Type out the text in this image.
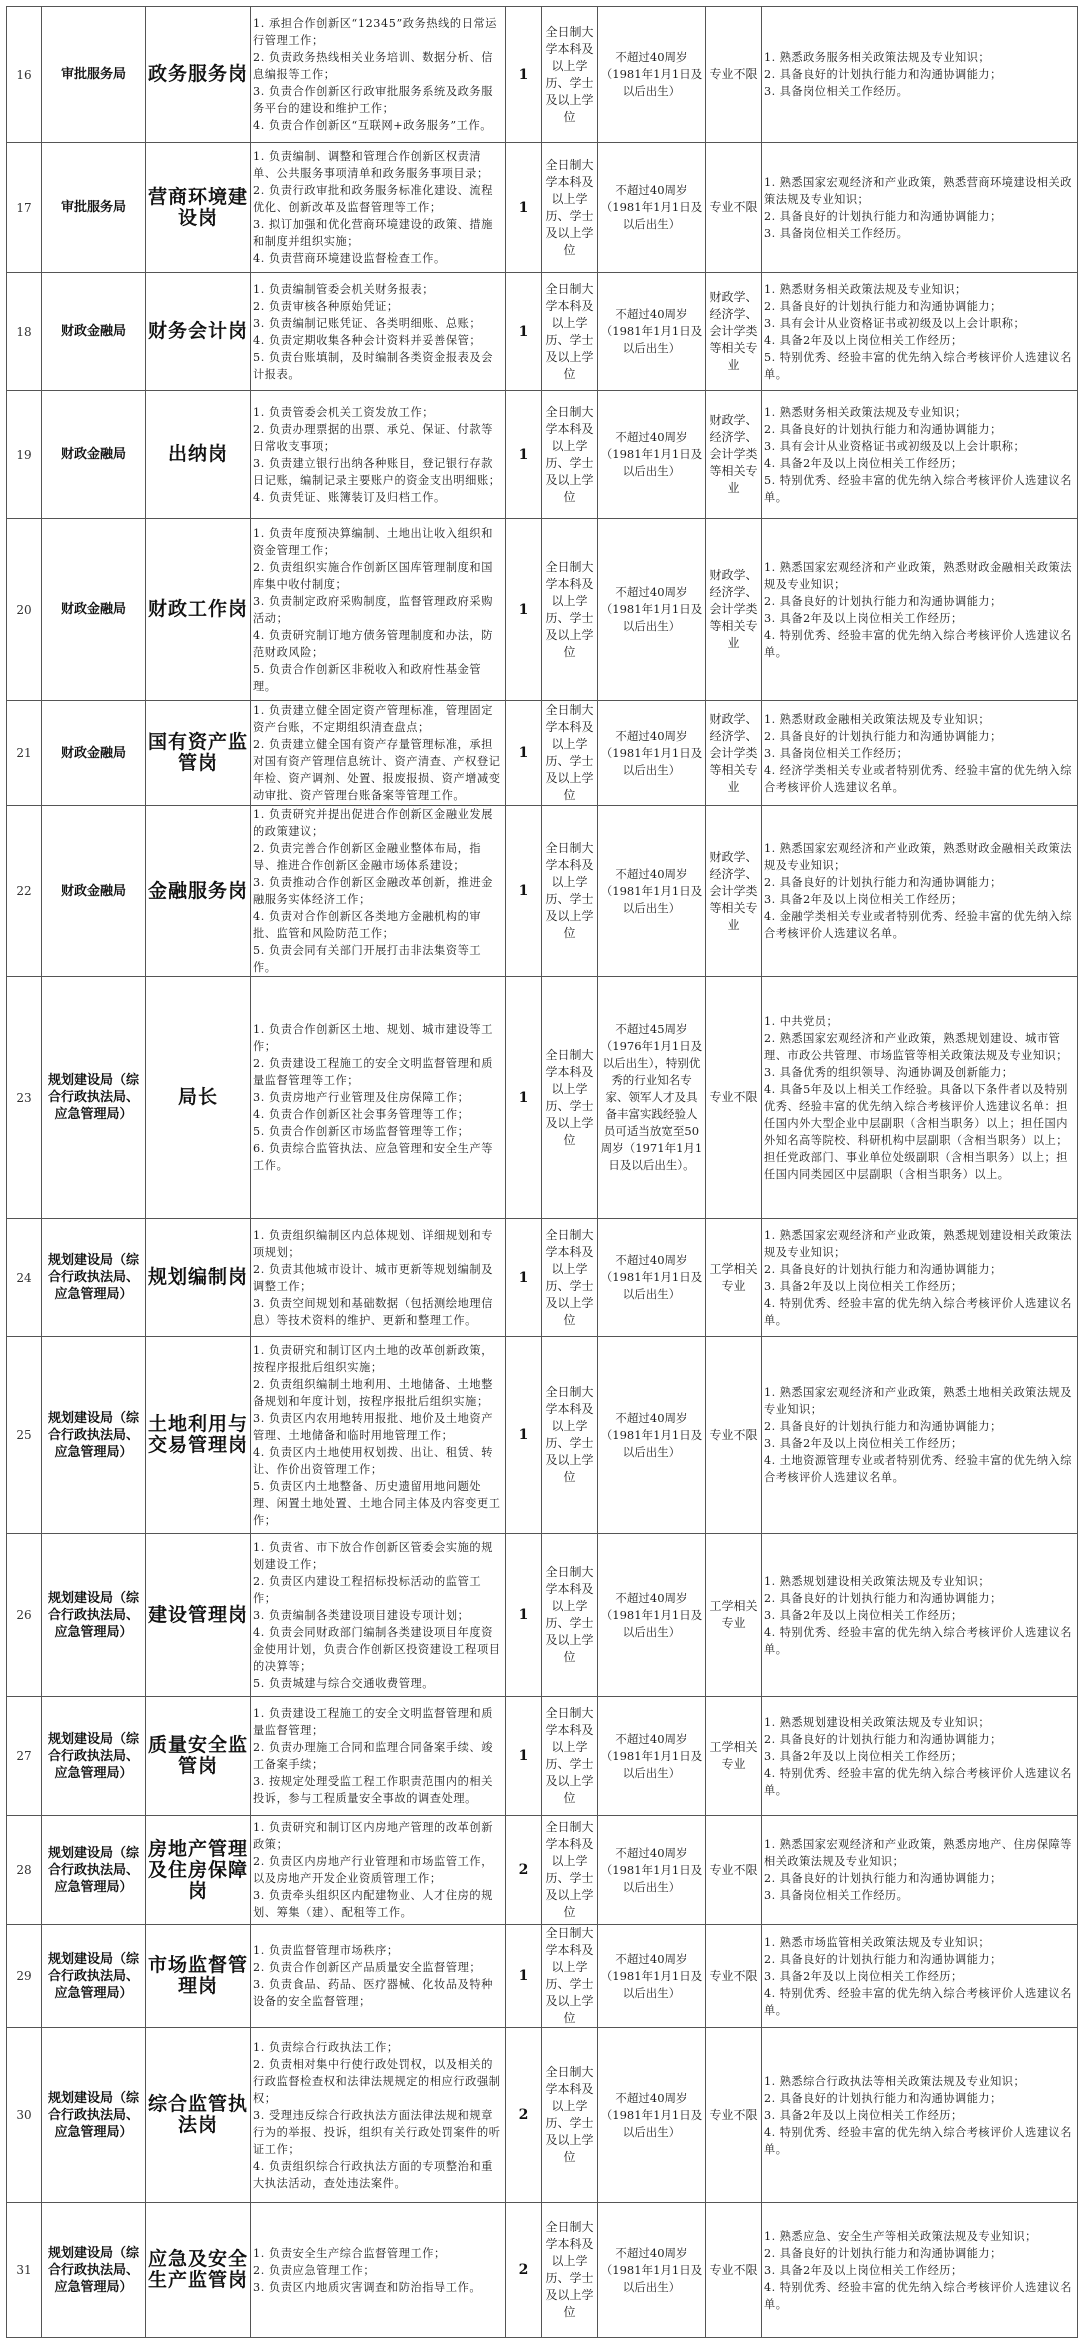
16	审批服务局	政务服务岗	1. 承担合作创新区“12345”政务热线的日常运行管理工作；
2. 负责政务热线相关业务培训、数据分析、信息编报等工作；
3. 负责合作创新区行政审批服务系统及政务服务平台的建设和维护工作；
4. 负责合作创新区“互联网+政务服务”工作。	1	全日制大学本科及以上学历、学士及以上学位	不超过40周岁（1981年1月1日及以后出生）	专业不限	1. 熟悉政务服务相关政策法规及专业知识；
2. 具备良好的计划执行能力和沟通协调能力；
3. 具备岗位相关工作经历。

17	审批服务局	营商环境建设岗	1. 负责编制、调整和管理合作创新区权责清单、公共服务事项清单和政务服务事项目录；
2. 负责行政审批和政务服务标准化建设、流程优化、创新改革及监督管理等工作；
3. 拟订加强和优化营商环境建设的政策、措施和制度并组织实施；
4. 负责营商环境建设监督检查工作。	1	全日制大学本科及以上学历、学士及以上学位	不超过40周岁（1981年1月1日及以后出生）	专业不限	1. 熟悉国家宏观经济和产业政策，熟悉营商环境建设相关政策法规及专业知识；
2. 具备良好的计划执行能力和沟通协调能力；
3. 具备岗位相关工作经历。

18	财政金融局	财务会计岗	1. 负责编制管委会机关财务报表；
2. 负责审核各种原始凭证；
3. 负责编制记账凭证、各类明细账、总账；
4. 负责定期收集各种会计资料并妥善保管；
5. 负责台账填制，及时编制各类资金报表及会计报表。	1	全日制大学本科及以上学历、学士及以上学位	不超过40周岁（1981年1月1日及以后出生）	财政学、经济学、会计学类等相关专业	1. 熟悉财务相关政策法规及专业知识；
2. 具备良好的计划执行能力和沟通协调能力；
3. 具有会计从业资格证书或初级及以上会计职称；
4. 具备2年及以上岗位相关工作经历；
5. 特别优秀、经验丰富的优先纳入综合考核评价人选建议名单。

19	财政金融局	出纳岗	1. 负责管委会机关工资发放工作；
2. 负责办理票据的出票、承兑、保证、付款等日常收支事项；
3. 负责建立银行出纳各种账目，登记银行存款日记账，编制记录主要账户的资金支出明细账；
4. 负责凭证、账簿装订及归档工作。	1	全日制大学本科及以上学历、学士及以上学位	不超过40周岁（1981年1月1日及以后出生）	财政学、经济学、会计学类等相关专业	1. 熟悉财务相关政策法规及专业知识；
2. 具备良好的计划执行能力和沟通协调能力；
3. 具有会计从业资格证书或初级及以上会计职称；
4. 具备2年及以上岗位相关工作经历；
5. 特别优秀、经验丰富的优先纳入综合考核评价人选建议名单。

20	财政金融局	财政工作岗	1. 负责年度预决算编制、土地出让收入组织和资金管理工作；
2. 负责组织实施合作创新区国库管理制度和国库集中收付制度；
3. 负责制定政府采购制度，监督管理政府采购活动；
4. 负责研究制订地方债务管理制度和办法，防范财政风险；
5. 负责合作创新区非税收入和政府性基金管理。	1	全日制大学本科及以上学历、学士及以上学位	不超过40周岁（1981年1月1日及以后出生）	财政学、经济学、会计学类等相关专业	1. 熟悉国家宏观经济和产业政策，熟悉财政金融相关政策法规及专业知识；
2. 具备良好的计划执行能力和沟通协调能力；
3. 具备2年及以上岗位相关工作经历；
4. 特别优秀、经验丰富的优先纳入综合考核评价人选建议名单。

21	财政金融局	国有资产监管岗	1. 负责建立健全固定资产管理标准，管理固定资产台账，不定期组织清查盘点；
2. 负责建立健全国有资产存量管理标准，承担对国有资产管理信息统计、资产清查、产权登记年检、资产调剂、处置、报废报损、资产增减变动审批、资产管理台账备案等管理工作。	1	全日制大学本科及以上学历、学士及以上学位	不超过40周岁（1981年1月1日及以后出生）	财政学、经济学、会计学类等相关专业	1. 熟悉财政金融相关政策法规及专业知识；
2. 具备良好的计划执行能力和沟通协调能力；
3. 具备岗位相关工作经历；
4. 经济学类相关专业或者特别优秀、经验丰富的优先纳入综合考核评价人选建议名单。

22	财政金融局	金融服务岗	1. 负责研究并提出促进合作创新区金融业发展的政策建议；
2. 负责完善合作创新区金融业整体布局，指导、推进合作创新区金融市场体系建设；
3. 负责推动合作创新区金融改革创新，推进金融服务实体经济工作；
4. 负责对合作创新区各类地方金融机构的审批、监管和风险防范工作；
5. 负责会同有关部门开展打击非法集资等工作。	1	全日制大学本科及以上学历、学士及以上学位	不超过40周岁（1981年1月1日及以后出生）	财政学、经济学、会计学类等相关专业	1. 熟悉国家宏观经济和产业政策，熟悉财政金融相关政策法规及专业知识；
2. 具备良好的计划执行能力和沟通协调能力；
3. 具备2年及以上岗位相关工作经历；
4. 金融学类相关专业或者特别优秀、经验丰富的优先纳入综合考核评价人选建议名单。

23	规划建设局（综合行政执法局、应急管理局）	局长	
1. 负责合作创新区土地、规划、城市建设等工作；
2. 负责建设工程施工的安全文明监督管理和质量监督管理等工作；
3. 负责房地产行业管理及住房保障工作；
4. 负责合作创新区社会事务管理等工作；
5. 负责合作创新区市场监督管理等工作；
6. 负责综合监管执法、应急管理和安全生产等工作。
	1	全日制大学本科及以上学历、学士及以上学位	不超过45周岁（1976年1月1日及以后出生），特别优秀的行业知名专家、领军人才及具备丰富实践经验人员可适当放宽至50周岁（1971年1月1日及以后出生）。	专业不限	
1. 中共党员；
2. 熟悉国家宏观经济和产业政策，熟悉规划建设、城市管理、市政公共管理、市场监管等相关政策法规及专业知识；
3. 具备优秀的组织领导、沟通协调及创新能力；
4. 具备5年及以上相关工作经验。具备以下条件者以及特别优秀、经验丰富的优先纳入综合考核评价人选建议名单：担任国内外大型企业中层副职（含相当职务）以上；担任国内外知名高等院校、科研机构中层副职（含相当职务）以上；担任党政部门、事业单位处级副职（含相当职务）以上；担任国内同类园区中层副职（含相当职务）以上。

24	规划建设局（综合行政执法局、应急管理局）	规划编制岗	1. 负责组织编制区内总体规划、详细规划和专项规划；
2. 负责其他城市设计、城市更新等规划编制及调整工作；
3. 负责空间规划和基础数据（包括测绘地理信息）等技术资料的维护、更新和整理工作。	1	全日制大学本科及以上学历、学士及以上学位	不超过40周岁（1981年1月1日及以后出生）	工学相关专业	1. 熟悉国家宏观经济和产业政策，熟悉规划建设相关政策法规及专业知识；
2. 具备良好的计划执行能力和沟通协调能力；
3. 具备2年及以上岗位相关工作经历；
4. 特别优秀、经验丰富的优先纳入综合考核评价人选建议名单。

25	规划建设局（综合行政执法局、应急管理局）	土地利用与交易管理岗	1. 负责研究和制订区内土地的改革创新政策，按程序报批后组织实施；
2. 负责组织编制土地利用、土地储备、土地整备规划和年度计划，按程序报批后组织实施；
3. 负责区内农用地转用报批、地价及土地资产管理、土地储备和临时用地管理工作；
4. 负责区内土地使用权划拨、出让、租赁、转让、作价出资管理工作；
5. 负责区内土地整备、历史遗留用地问题处理、闲置土地处置、土地合同主体及内容变更工作；	1	全日制大学本科及以上学历、学士及以上学位	不超过40周岁（1981年1月1日及以后出生）	专业不限	1. 熟悉国家宏观经济和产业政策，熟悉土地相关政策法规及专业知识；
2. 具备良好的计划执行能力和沟通协调能力；
3. 具备2年及以上岗位相关工作经历；
4. 土地资源管理专业或者特别优秀、经验丰富的优先纳入综合考核评价人选建议名单。

26	规划建设局（综合行政执法局、应急管理局）	建设管理岗	1. 负责省、市下放合作创新区管委会实施的规划建设工作；
2. 负责区内建设工程招标投标活动的监管工作；
3. 负责编制各类建设项目建设专项计划；
4. 负责会同财政部门编制各类建设项目年度资金使用计划，负责合作创新区投资建设工程项目的决算等；
5. 负责城建与综合交通收费管理。	1	全日制大学本科及以上学历、学士及以上学位	不超过40周岁（1981年1月1日及以后出生）	工学相关专业	1. 熟悉规划建设相关政策法规及专业知识；
2. 具备良好的计划执行能力和沟通协调能力；
3. 具备2年及以上岗位相关工作经历；
4. 特别优秀、经验丰富的优先纳入综合考核评价人选建议名单。

27	规划建设局（综合行政执法局、应急管理局）	质量安全监管岗	1. 负责建设工程施工的安全文明监督管理和质量监督管理；
2. 负责办理施工合同和监理合同备案手续、竣工备案手续；
3. 按规定处理受监工程工作职责范围内的相关投诉，参与工程质量安全事故的调查处理。	1	全日制大学本科及以上学历、学士及以上学位	不超过40周岁（1981年1月1日及以后出生）	工学相关专业	1. 熟悉规划建设相关政策法规及专业知识；
2. 具备良好的计划执行能力和沟通协调能力；
3. 具备2年及以上岗位相关工作经历；
4. 特别优秀、经验丰富的优先纳入综合考核评价人选建议名单。

28	规划建设局（综合行政执法局、应急管理局）	房地产管理及住房保障岗	1. 负责研究和制订区内房地产管理的改革创新政策；
2. 负责区内房地产行业管理和市场监管工作，以及房地产开发企业资质管理工作；
3. 负责牵头组织区内配建物业、人才住房的规划、筹集（建）、配租等工作。	2	全日制大学本科及以上学历、学士及以上学位	不超过40周岁（1981年1月1日及以后出生）	专业不限	1. 熟悉国家宏观经济和产业政策，熟悉房地产、住房保障等相关政策法规及专业知识；
2. 具备良好的计划执行能力和沟通协调能力；
3. 具备岗位相关工作经历。

29	规划建设局（综合行政执法局、应急管理局）	市场监督管理岗	1. 负责监督管理市场秩序；
2. 负责合作创新区产品质量安全监督管理；
3. 负责食品、药品、医疗器械、化妆品及特种设备的安全监督管理；	1	全日制大学本科及以上学历、学士及以上学位	不超过40周岁（1981年1月1日及以后出生）	专业不限	1. 熟悉市场监管相关政策法规及专业知识；
2. 具备良好的计划执行能力和沟通协调能力；
3. 具备2年及以上岗位相关工作经历；
4. 特别优秀、经验丰富的优先纳入综合考核评价人选建议名单。

30	规划建设局（综合行政执法局、应急管理局）	综合监管执法岗	1. 负责综合行政执法工作；
2. 负责相对集中行使行政处罚权，以及相关的行政监督检查权和法律法规规定的相应行政强制权；
3. 受理违反综合行政执法方面法律法规和规章行为的举报、投诉，组织有关行政处罚案件的听证工作；
4. 负责组织综合行政执法方面的专项整治和重大执法活动，查处违法案件。	2	全日制大学本科及以上学历、学士及以上学位	不超过40周岁（1981年1月1日及以后出生）	专业不限	1. 熟悉综合行政执法等相关政策法规及专业知识；
2. 具备良好的计划执行能力和沟通协调能力；
3. 具备2年及以上岗位相关工作经历；
4. 特别优秀、经验丰富的优先纳入综合考核评价人选建议名单。

31	规划建设局（综合行政执法局、应急管理局）	应急及安全生产监管岗	1. 负责安全生产综合监督管理工作；
2. 负责应急管理工作；
3. 负责区内地质灾害调查和防治指导工作。	2	全日制大学本科及以上学历、学士及以上学位	不超过40周岁（1981年1月1日及以后出生）	专业不限	1. 熟悉应急、安全生产等相关政策法规及专业知识；
2. 具备良好的计划执行能力和沟通协调能力；
3. 具备2年及以上岗位相关工作经历；
4. 特别优秀、经验丰富的优先纳入综合考核评价人选建议名单。
